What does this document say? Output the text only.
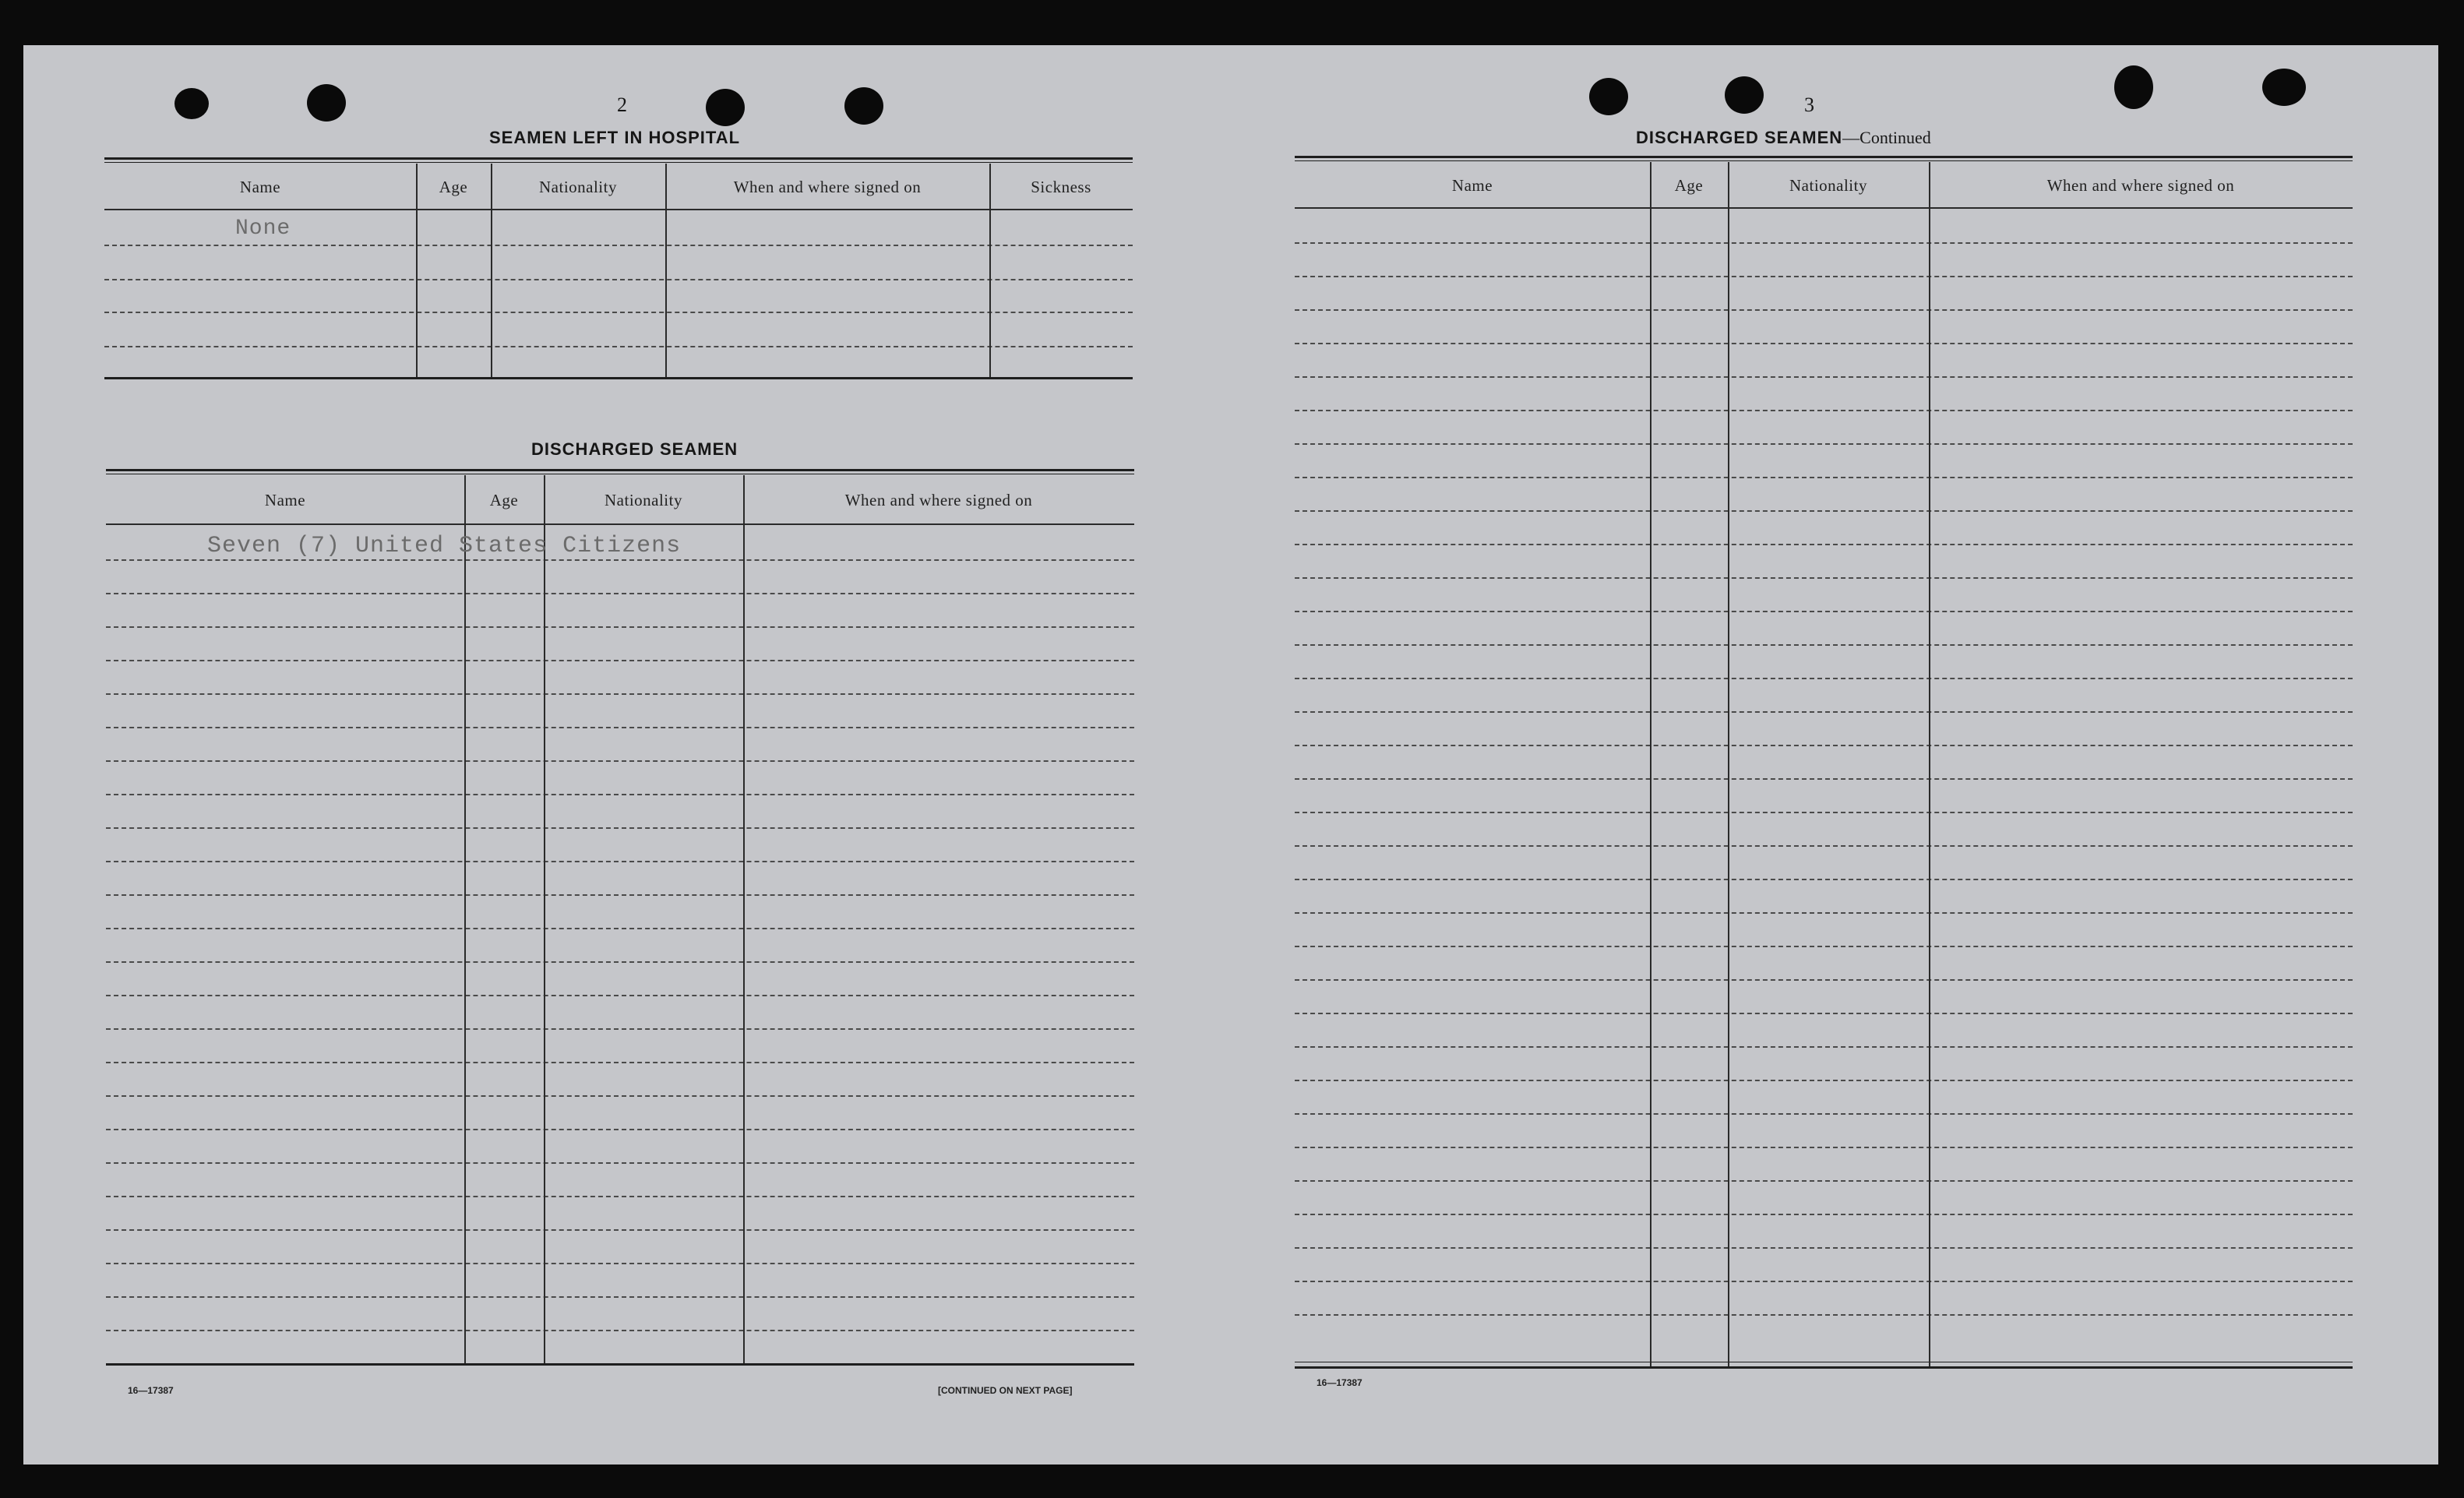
2
SEAMEN LEFT IN HOSPITAL
Name	Age	Nationality	When and where signed on	Sickness
None
DISCHARGED SEAMEN
Name	Age	Nationality	When and where signed on
Seven (7) United States Citizens
16—17387	[CONTINUED ON NEXT PAGE]
3
DISCHARGED SEAMEN—Continued
Name	Age	Nationality	When and where signed on
16—17387
